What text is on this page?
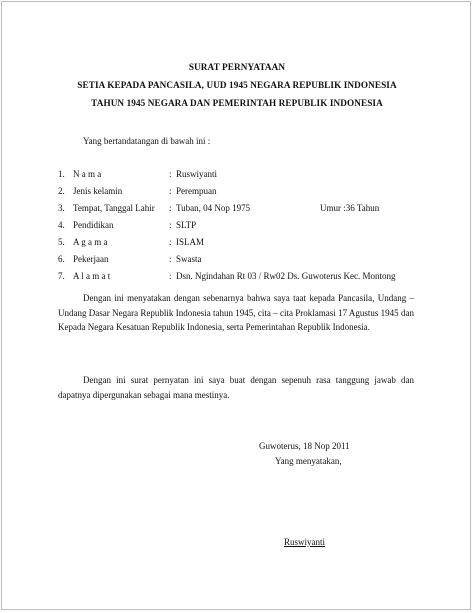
SURAT PERNYATAAN
SETIA KEPADA PANCASILA, UUD 1945 NEGARA REPUBLIK INDONESIA
TAHUN 1945 NEGARA DAN PEMERINTAH REPUBLIK INDONESIA
Yang bertandatangan di bawah ini :
1. N a m a	: Ruswiyanti
2. Jenis kelamin	: Perempuan
3. Tempat, Tanggal Lahir : Tuban, 04 Nop 1975	Umur :36 Tahun
4. Pendidikan	: SLTP
5. A g a m a	: ISLAM
6. Pekerjaan	: Swasta
7. A l a m a t	: Dsn. Ngindahan Rt 03 / Rw02 Ds. Guwoterus Kec. Montong
Dengan ini menyatakan dengan sebenarnya bahwa saya taat kepada Pancasila, Undang – Undang Dasar Negara Republik Indonesia tahun 1945, cita – cita Proklamasi 17 Agustus 1945 dan Kepada Negara Kesatuan Republik Indonesia, serta Pemerintahan Republik Indonesia.
Dengan ini surat pernyatan ini saya buat dengan sepenuh rasa tanggung jawab dan dapatnya dipergunakan sebagai mana mestinya.
Guwoterus, 18 Nop 2011
Yang menyatakan,
Ruswiyanti
